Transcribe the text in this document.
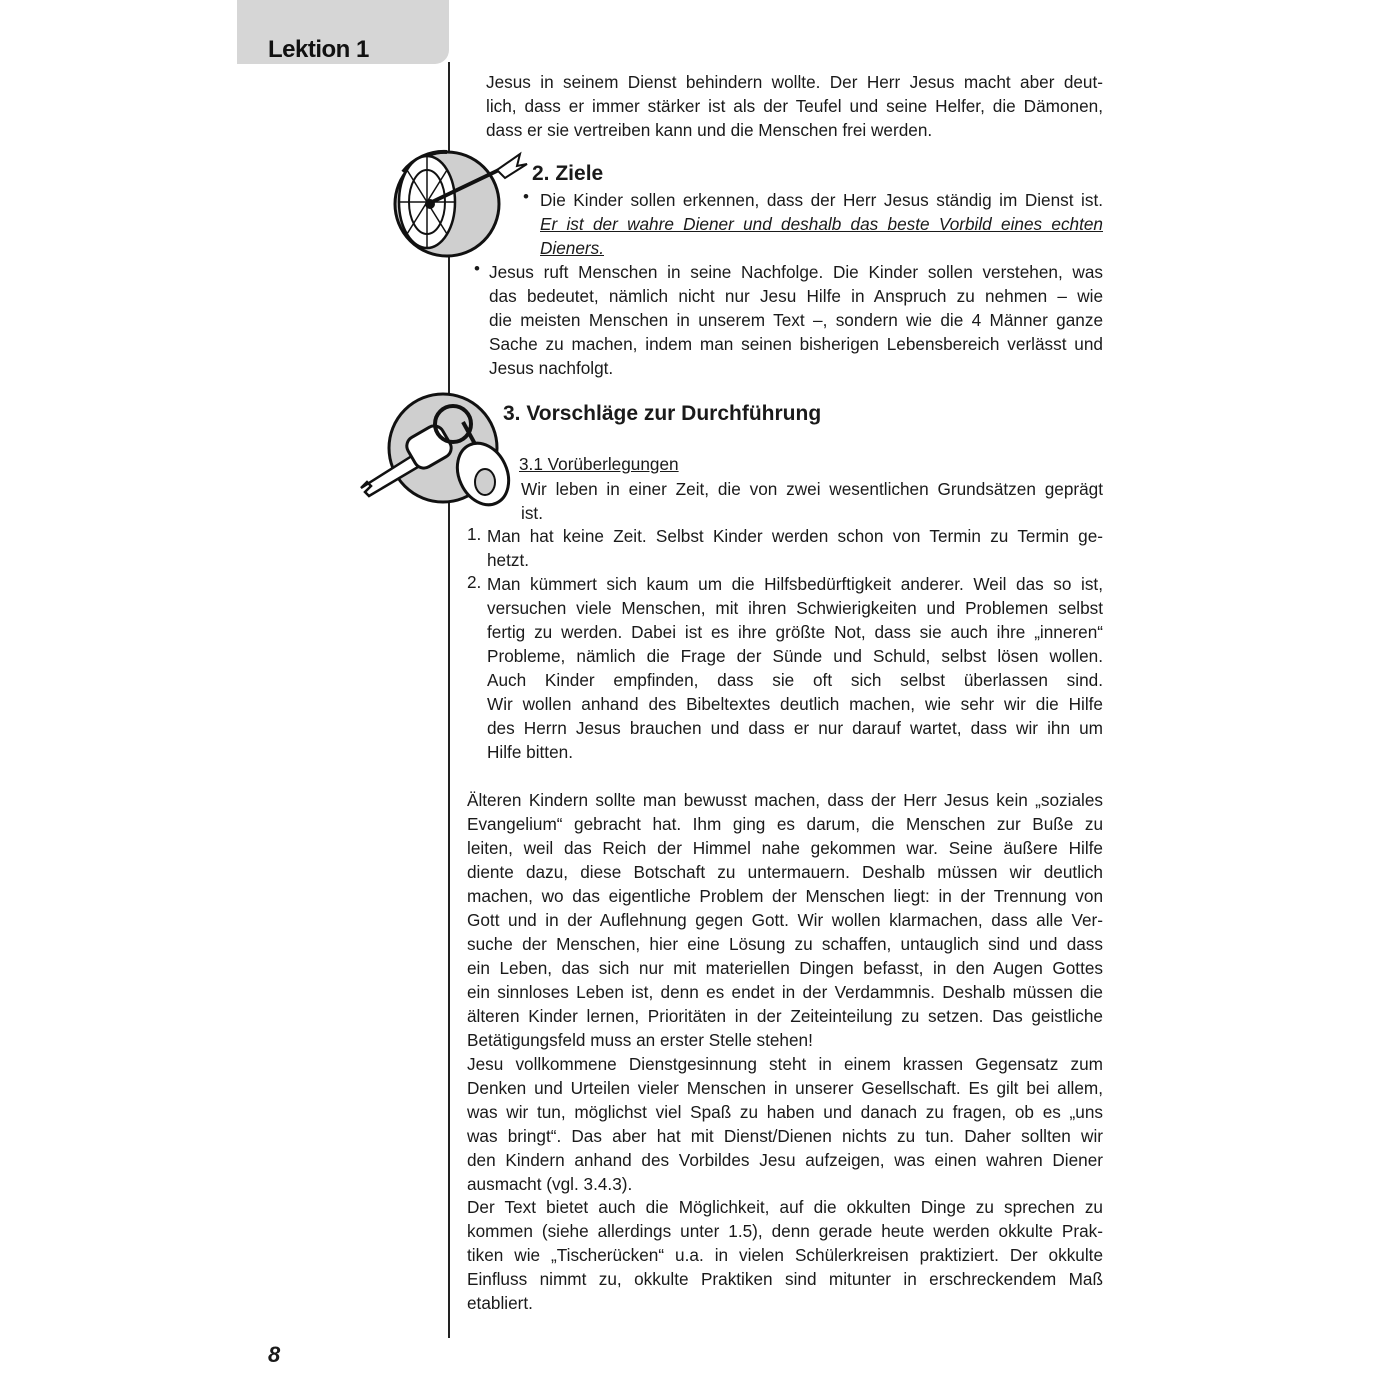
Lektion 1
Jesus in seinem Dienst behindern wollte. Der Herr Jesus macht aber deut-
lich, dass er immer stärker ist als der Teufel und seine Helfer, die Dämonen,
dass er sie vertreiben kann und die Menschen frei werden.
2. Ziele
• Die Kinder sollen erkennen, dass der Herr Jesus ständig im Dienst ist.
Er ist der wahre Diener und deshalb das beste Vorbild eines echten
Dieners.
• Jesus ruft Menschen in seine Nachfolge. Die Kinder sollen verstehen, was
das bedeutet, nämlich nicht nur Jesu Hilfe in Anspruch zu nehmen – wie
die meisten Menschen in unserem Text –, sondern wie die 4 Männer ganze
Sache zu machen, indem man seinen bisherigen Lebensbereich verlässt und
Jesus nachfolgt.
3. Vorschläge zur Durchführung
3.1 Vorüberlegungen
Wir leben in einer Zeit, die von zwei wesentlichen Grundsätzen geprägt
ist.
1. Man hat keine Zeit. Selbst Kinder werden schon von Termin zu Termin ge-
hetzt.
2. Man kümmert sich kaum um die Hilfsbedürftigkeit anderer. Weil das so ist,
versuchen viele Menschen, mit ihren Schwierigkeiten und Problemen selbst
fertig zu werden. Dabei ist es ihre größte Not, dass sie auch ihre „inneren“
Probleme, nämlich die Frage der Sünde und Schuld, selbst lösen wollen.
Auch Kinder empfinden, dass sie oft sich selbst überlassen sind.
Wir wollen anhand des Bibeltextes deutlich machen, wie sehr wir die Hilfe
des Herrn Jesus brauchen und dass er nur darauf wartet, dass wir ihn um
Hilfe bitten.
Älteren Kindern sollte man bewusst machen, dass der Herr Jesus kein „soziales
Evangelium“ gebracht hat. Ihm ging es darum, die Menschen zur Buße zu
leiten, weil das Reich der Himmel nahe gekommen war. Seine äußere Hilfe
diente dazu, diese Botschaft zu untermauern. Deshalb müssen wir deutlich
machen, wo das eigentliche Problem der Menschen liegt: in der Trennung von
Gott und in der Auflehnung gegen Gott. Wir wollen klarmachen, dass alle Ver-
suche der Menschen, hier eine Lösung zu schaffen, untauglich sind und dass
ein Leben, das sich nur mit materiellen Dingen befasst, in den Augen Gottes
ein sinnloses Leben ist, denn es endet in der Verdammnis. Deshalb müssen die
älteren Kinder lernen, Prioritäten in der Zeiteinteilung zu setzen. Das geistliche
Betätigungsfeld muss an erster Stelle stehen!
Jesu vollkommene Dienstgesinnung steht in einem krassen Gegensatz zum
Denken und Urteilen vieler Menschen in unserer Gesellschaft. Es gilt bei allem,
was wir tun, möglichst viel Spaß zu haben und danach zu fragen, ob es „uns
was bringt“. Das aber hat mit Dienst/Dienen nichts zu tun. Daher sollten wir
den Kindern anhand des Vorbildes Jesu aufzeigen, was einen wahren Diener
ausmacht (vgl. 3.4.3).
Der Text bietet auch die Möglichkeit, auf die okkulten Dinge zu sprechen zu
kommen (siehe allerdings unter 1.5), denn gerade heute werden okkulte Prak-
tiken wie „Tischerücken“ u.a. in vielen Schülerkreisen praktiziert. Der okkulte
Einfluss nimmt zu, okkulte Praktiken sind mitunter in erschreckendem Maß
etabliert.
8
